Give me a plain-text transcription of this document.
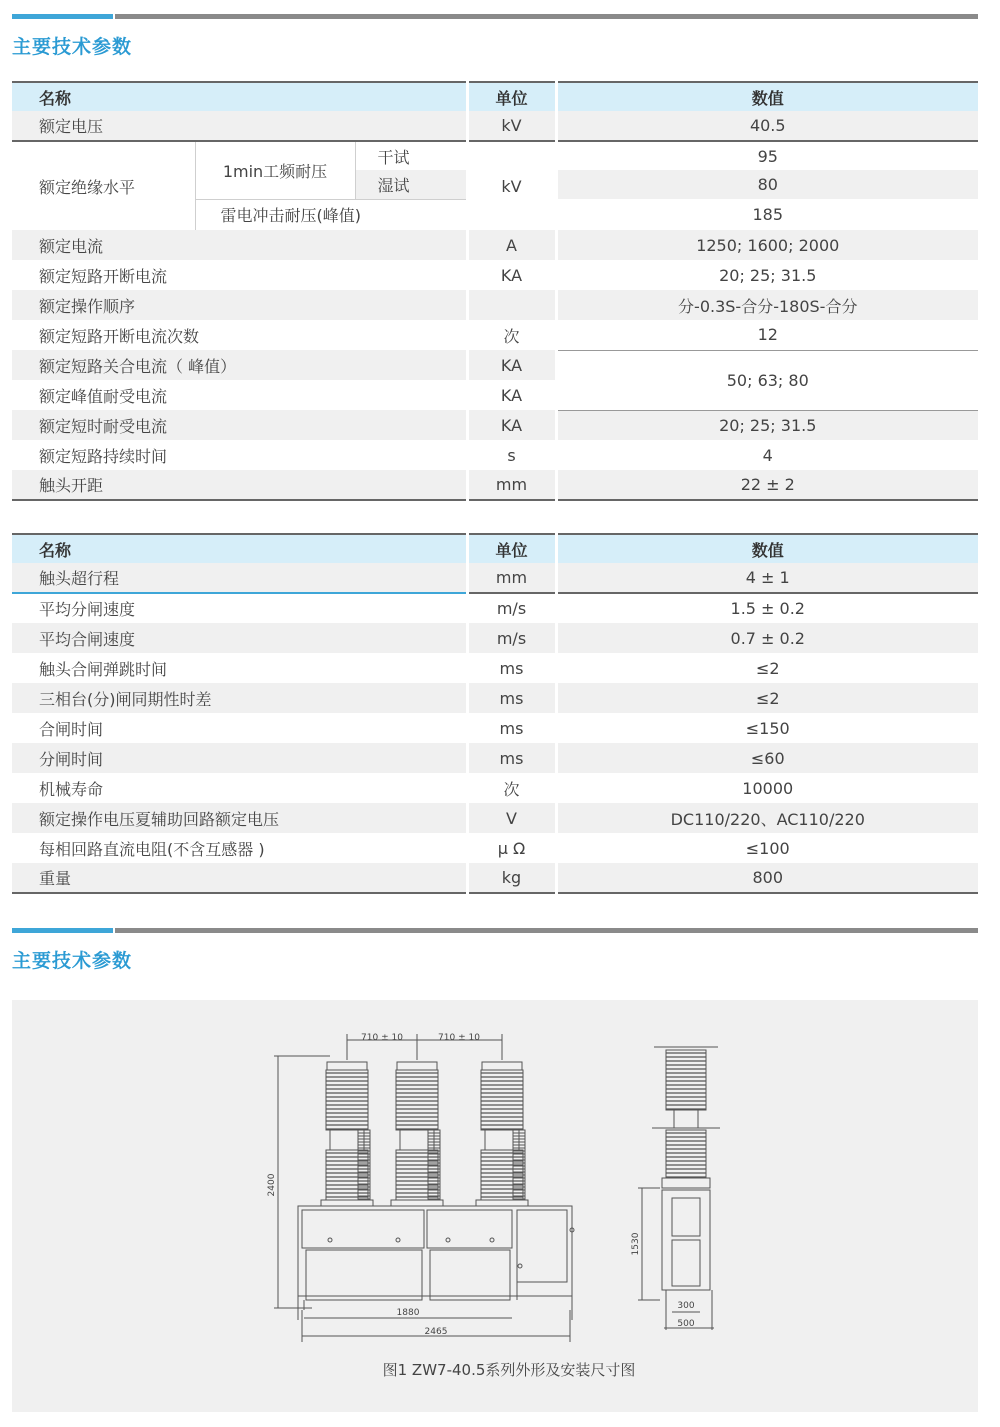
主要技术参数
名称			单位	数值
额定电压			kV	40.5
额定绝缘水平	1min工频耐压	干试	kV	95
		湿试		80
	雷电冲击耐压(峰值)			185
额定电流			A	1250; 1600; 2000
额定短路开断电流			KA	20; 25; 31.5
额定操作顺序				分-0.3S-合分-180S-合分
额定短路开断电流次数			次	12
额定短路关合电流（ 峰值）			KA	50; 63; 80
额定峰值耐受电流			KA	
额定短时耐受电流			KA	20; 25; 31.5
额定短路持续时间			s	4
触头开距			mm	22 ± 2
名称	单位	数值
触头超行程	mm	4 ± 1
平均分闸速度	m/s	1.5 ± 0.2
平均合闸速度	m/s	0.7 ± 0.2
触头合闸弹跳时间	ms	≤2
三相台(分)闸同期性时差	ms	≤2
合闸时间	ms	≤150
分闸时间	ms	≤60
机械寿命	次	10000
额定操作电压夏辅助回路额定电压	V	DC110/220、AC110/220
每相回路直流电阻(不含互感器 )	μ Ω	≤100
重量	kg	800
主要技术参数
710 ± 10	710 ± 10
2400
1880
2465
1530
300
500
图1 ZW7-40.5系列外形及安装尺寸图
